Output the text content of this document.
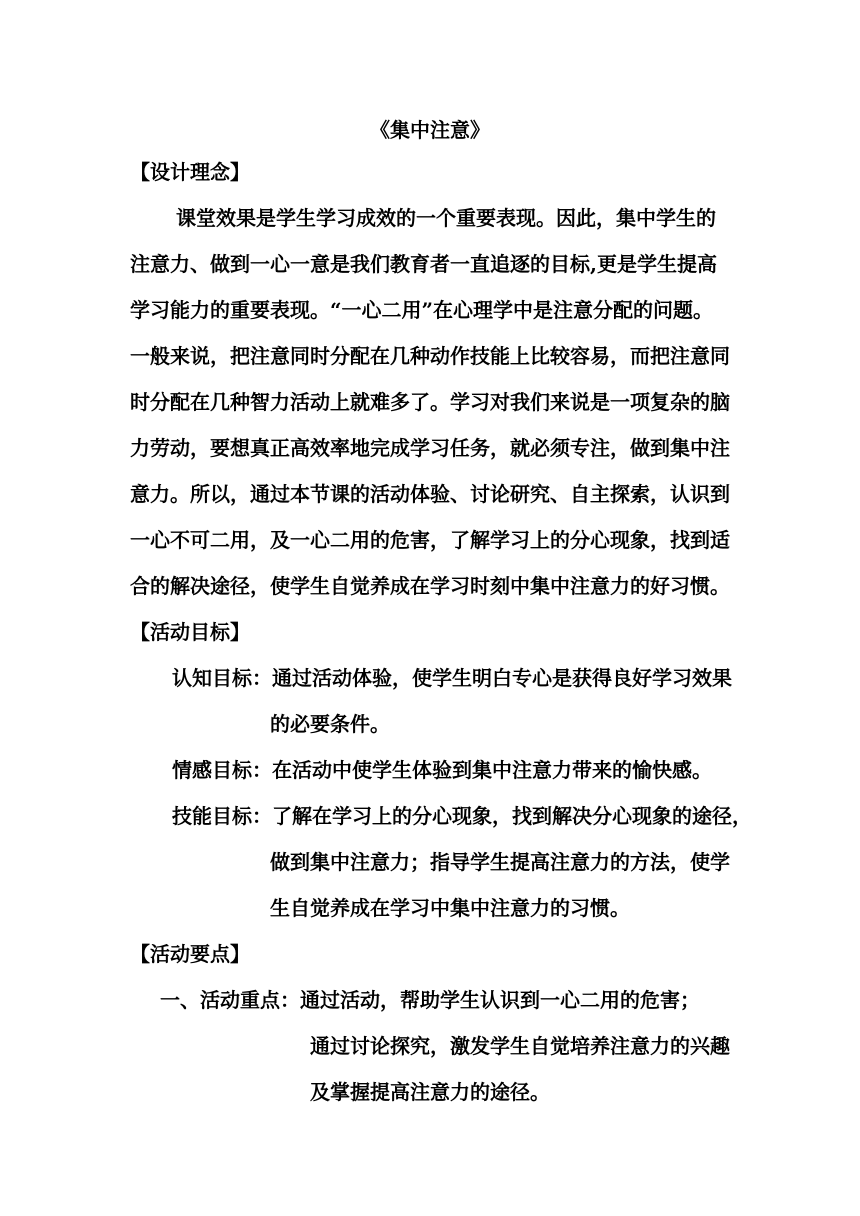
《集中注意》
【设计理念】
课堂效果是学生学习成效的一个重要表现。因此，集中学生的
注意力、做到一心一意是我们教育者一直追逐的目标,更是学生提高
学习能力的重要表现。“一心二用”在心理学中是注意分配的问题。
一般来说，把注意同时分配在几种动作技能上比较容易，而把注意同
时分配在几种智力活动上就难多了。学习对我们来说是一项复杂的脑
力劳动，要想真正高效率地完成学习任务，就必须专注，做到集中注
意力。所以，通过本节课的活动体验、讨论研究、自主探索，认识到
一心不可二用，及一心二用的危害，了解学习上的分心现象，找到适
合的解决途径，使学生自觉养成在学习时刻中集中注意力的好习惯。
【活动目标】
认知目标：通过活动体验，使学生明白专心是获得良好学习效果
的必要条件。
情感目标：在活动中使学生体验到集中注意力带来的愉快感。
技能目标：了解在学习上的分心现象，找到解决分心现象的途径，
做到集中注意力；指导学生提高注意力的方法，使学
生自觉养成在学习中集中注意力的习惯。
【活动要点】
一、活动重点：通过活动，帮助学生认识到一心二用的危害；
通过讨论探究，激发学生自觉培养注意力的兴趣
及掌握提高注意力的途径。
